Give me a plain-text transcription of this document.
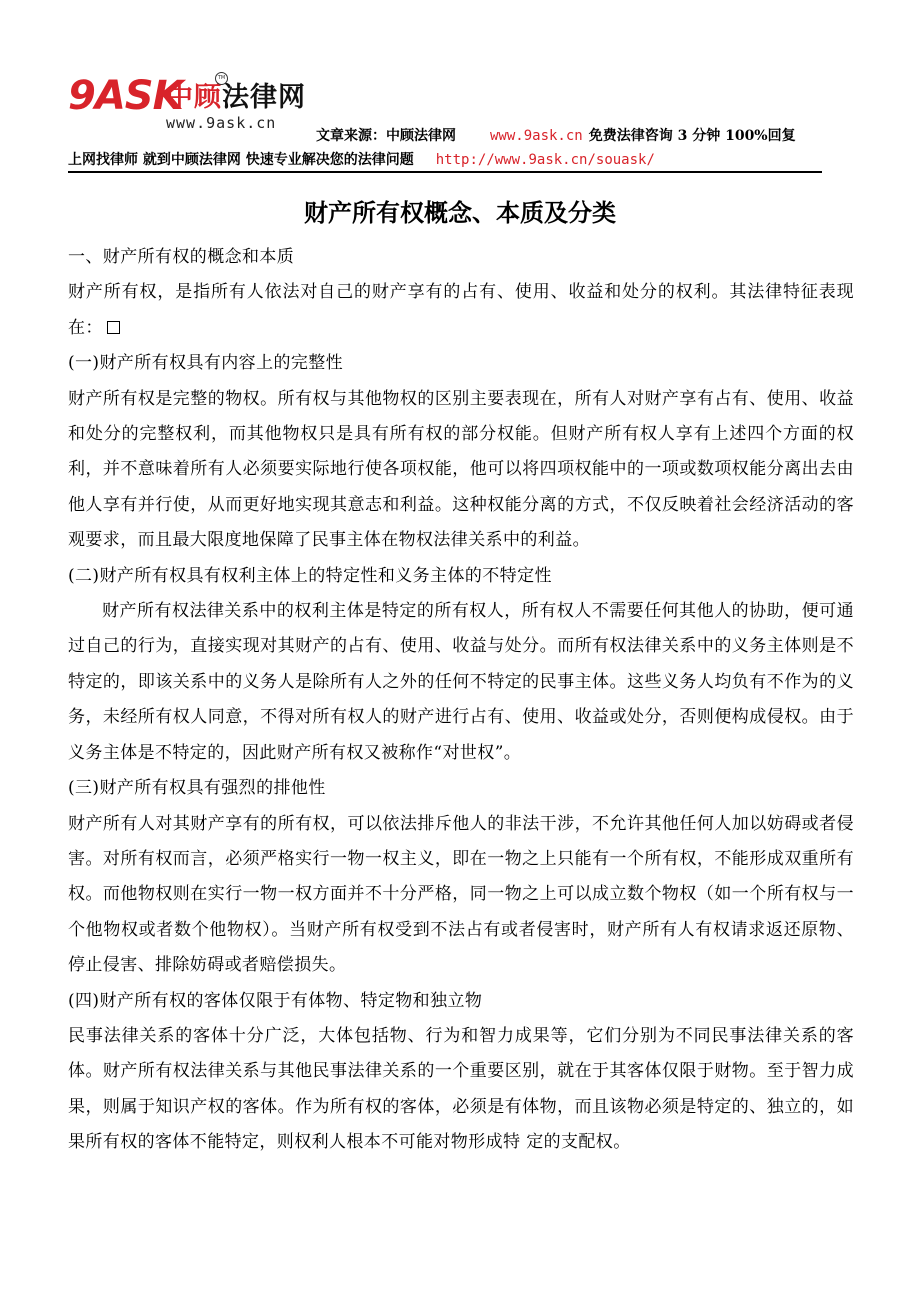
9ASK
中顾法律网
TM
www.9ask.cn
文章来源：中顾法律网 www.9ask.cn 免费法律咨询 3 分钟 100%回复
上网找律师 就到中顾法律网 快速专业解决您的法律问题 http://www.9ask.cn/souask/
财产所有权概念、本质及分类

一、财产所有权的概念和本质

财产所有权，是指所有人依法对自己的财产享有的占有、使用、收益和处分的权利。其法律特征表现在：

(一)财产所有权具有内容上的完整性

财产所有权是完整的物权。所有权与其他物权的区别主要表现在，所有人对财产享有占有、使用、收益和处分的完整权利，而其他物权只是具有所有权的部分权能。但财产所有权人享有上述四个方面的权利，并不意味着所有人必须要实际地行使各项权能，他可以将四项权能中的一项或数项权能分离出去由他人享有并行使，从而更好地实现其意志和利益。这种权能分离的方式，不仅反映着社会经济活动的客观要求，而且最大限度地保障了民事主体在物权法律关系中的利益。

(二)财产所有权具有权利主体上的特定性和义务主体的不特定性

财产所有权法律关系中的权利主体是特定的所有权人，所有权人不需要任何其他人的协助，便可通过自己的行为，直接实现对其财产的占有、使用、收益与处分。而所有权法律关系中的义务主体则是不特定的，即该关系中的义务人是除所有人之外的任何不特定的民事主体。这些义务人均负有不作为的义务，未经所有权人同意，不得对所有权人的财产进行占有、使用、收益或处分，否则便构成侵权。由于义务主体是不特定的，因此财产所有权又被称作“对世权”。

(三)财产所有权具有强烈的排他性

财产所有人对其财产享有的所有权，可以依法排斥他人的非法干涉，不允许其他任何人加以妨碍或者侵害。对所有权而言，必须严格实行一物一权主义，即在一物之上只能有一个所有权，不能形成双重所有权。而他物权则在实行一物一权方面并不十分严格，同一物之上可以成立数个物权（如一个所有权与一个他物权或者数个他物权）。当财产所有权受到不法占有或者侵害时，财产所有人有权请求返还原物、停止侵害、排除妨碍或者赔偿损失。

(四)财产所有权的客体仅限于有体物、特定物和独立物

民事法律关系的客体十分广泛，大体包括物、行为和智力成果等，它们分别为不同民事法律关系的客体。财产所有权法律关系与其他民事法律关系的一个重要区别，就在于其客体仅限于财物。至于智力成果，则属于知识产权的客体。作为所有权的客体，必须是有体物，而且该物必须是特定的、独立的，如果所有权的客体不能特定，则权利人根本不可能对物形成特 定的支配权。
